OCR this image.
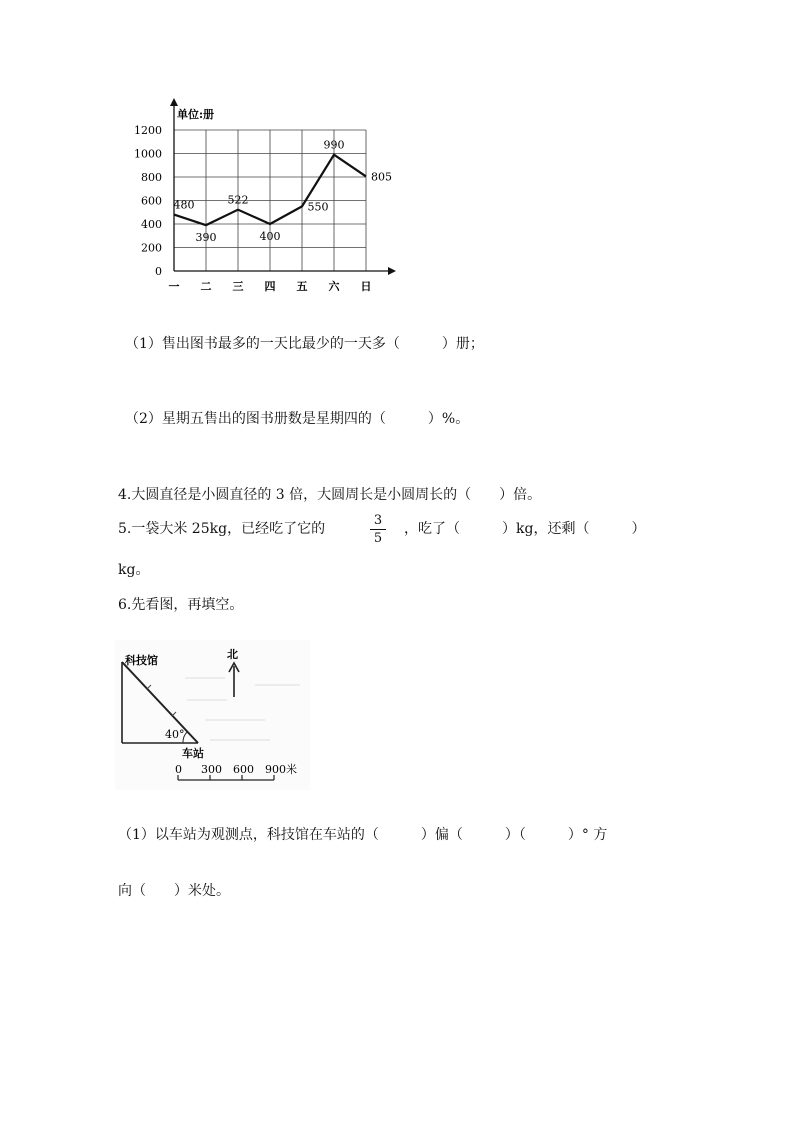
0
200
400
600
800
1000
1200
一 二 三 四 五 六 日
480
390
522
400
550
990
805
单位:册
（1）售出图书最多的一天比最少的一天多（　　　）册；
（2）星期五售出的图书册数是星期四的（　　　）%。
4.大圆直径是小圆直径的 3 倍，大圆周长是小圆周长的（　　）倍。
5.一袋大米 25kg，已经吃了它的
3
5
，吃了（　　　）kg，还剩（　　　）
kg。
6.先看图，再填空。
40°
科技馆
车站
北
0 300 600 900米
（1）以车站为观测点，科技馆在车站的（　　　）偏（　　　）（　　　）° 方
向（　　）米处。
